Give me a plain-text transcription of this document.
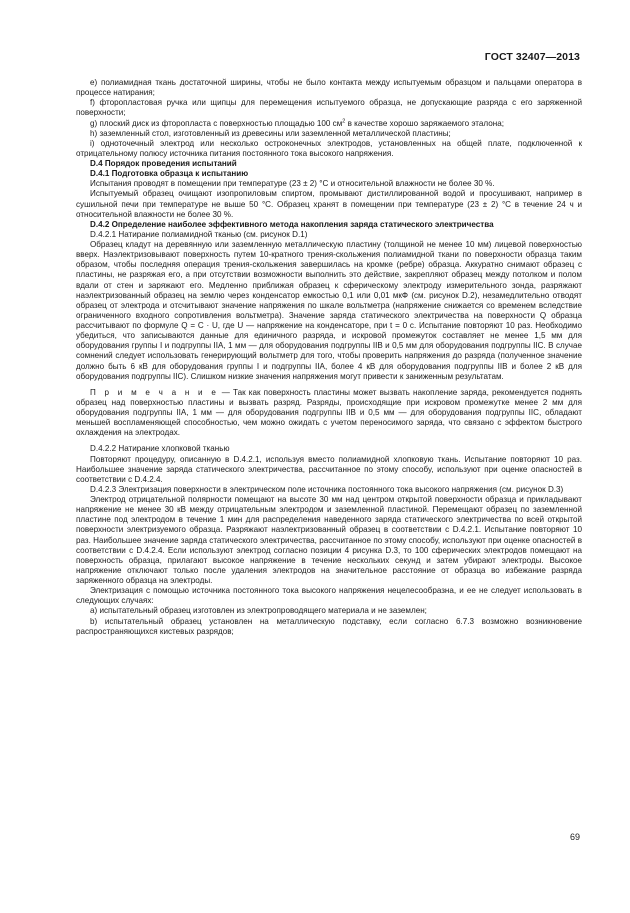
ГОСТ 32407—2013

e) полиамидная ткань достаточной ширины, чтобы не было контакта между испытуемым образцом и пальцами оператора в процессе натирания;

f) фторопластовая ручка или щипцы для перемещения испытуемого образца, не допускающие разряда с его заряженной поверхности;

g) плоский диск из фторопласта с поверхностью площадью 100 $см^2$ в качестве хорошо заряжаемого эталона;

h) заземленный стол, изготовленный из древесины или заземленной металлической пластины;

i) одноточечный электрод или несколько остроконечных электродов, установленных на общей плате, подключенной к отрицательному полюсу источника питания постоянного тока высокого напряжения.

D.4 Порядок проведения испытаний

D.4.1 Подготовка образца к испытанию

Испытания проводят в помещении при температуре (23 ± 2) °С и относительной влажности не более 30 %.

Испытуемый образец очищают изопропиловым спиртом, промывают дистиллированной водой и просушивают, например в сушильной печи при температуре не выше 50 °С. Образец хранят в помещении при температуре (23 ± 2) °С в течение 24 ч и относительной влажности не более 30 %.

D.4.2 Определение наиболее эффективного метода накопления заряда статического электричества

D.4.2.1 Натирание полиамидной тканью (см. рисунок D.1)

Образец кладут на деревянную или заземленную металлическую пластину (толщиной не менее 10 мм) лицевой поверхностью вверх. Наэлектризовывают поверхность путем 10-кратного трения-скольжения полиамидной ткани по поверхности образца таким образом, чтобы последняя операция трения-скольжения завершилась на кромке (ребре) образца. Аккуратно снимают образец с пластины, не разряжая его, а при отсутствии возможности выполнить это действие, закрепляют образец между потолком и полом вдали от стен и заряжают его. Медленно приближая образец к сферическому электроду измерительного зонда, разряжают наэлектризованный образец на землю через конденсатор емкостью 0,1 или 0,01 мкФ (см. рисунок D.2), незамедлительно отводят образец от электрода и отсчитывают значение напряжения по шкале вольтметра (напряжение снижается со временем вследствие ограниченного входного сопротивления вольтметра). Значение заряда статического электричества на поверхности Q образца рассчитывают по формуле Q = C · U, где U — напряжение на конденсаторе, при t = 0 с. Испытание повторяют 10 раз. Необходимо убедиться, что записываются данные для единичного разряда, и искровой промежуток составляет не менее 1,5 мм для оборудования группы I и подгруппы IIA, 1 мм — для оборудования подгруппы IIB и 0,5 мм для оборудования подгруппы IIC. В случае сомнений следует использовать генерирующий вольтметр для того, чтобы проверить напряжения до разряда (полученное значение должно быть 6 кВ для оборудования группы I и подгруппы IIA, более 4 кВ для оборудования подгруппы IIB и более 2 кВ для оборудования подгруппы IIC). Слишком низкие значения напряжения могут привести к заниженным результатам.

П р и м е ч а н и е — Так как поверхность пластины может вызвать накопление заряда, рекомендуется поднять образец над поверхностью пластины и вызвать разряд. Разряды, происходящие при искровом промежутке менее 2 мм для оборудования подгруппы IIA, 1 мм — для оборудования подгруппы IIB и 0,5 мм — для оборудования подгруппы IIC, обладают меньшей воспламеняющей способностью, чем можно ожидать с учетом переносимого заряда, что связано с эффектом быстрого охлаждения на электродах.

D.4.2.2 Натирание хлопковой тканью

Повторяют процедуру, описанную в D.4.2.1, используя вместо полиамидной хлопковую ткань. Испытание повторяют 10 раз. Наибольшее значение заряда статического электричества, рассчитанное по этому способу, используют при оценке опасностей в соответствии с D.4.2.4.

D.4.2.3 Электризация поверхности в электрическом поле источника постоянного тока высокого напряжения (см. рисунок D.3)

Электрод отрицательной полярности помещают на высоте 30 мм над центром открытой поверхности образца и прикладывают напряжение не менее 30 кВ между отрицательным электродом и заземленной пластиной. Перемещают образец по заземленной пластине под электродом в течение 1 мин для распределения наведенного заряда статического электричества по всей открытой поверхности электризуемого образца. Разряжают наэлектризованный образец в соответствии с D.4.2.1. Испытание повторяют 10 раз. Наибольшее значение заряда статического электричества, рассчитанное по этому способу, используют при оценке опасностей в соответствии с D.4.2.4. Если используют электрод согласно позиции 4 рисунка D.3, то 100 сферических электродов помещают на поверхность образца, прилагают высокое напряжение в течение нескольких секунд и затем убирают электроды. Высокое напряжение отключают только после удаления электродов на значительное расстояние от образца во избежание разряда заряженного образца на электроды.

Электризация с помощью источника постоянного тока высокого напряжения нецелесообразна, и ее не следует использовать в следующих случаях:

a) испытательный образец изготовлен из электропроводящего материала и не заземлен;

b) испытательный образец установлен на металлическую подставку, если согласно 6.7.3 возможно возникновение распространяющихся кистевых разрядов;

69
